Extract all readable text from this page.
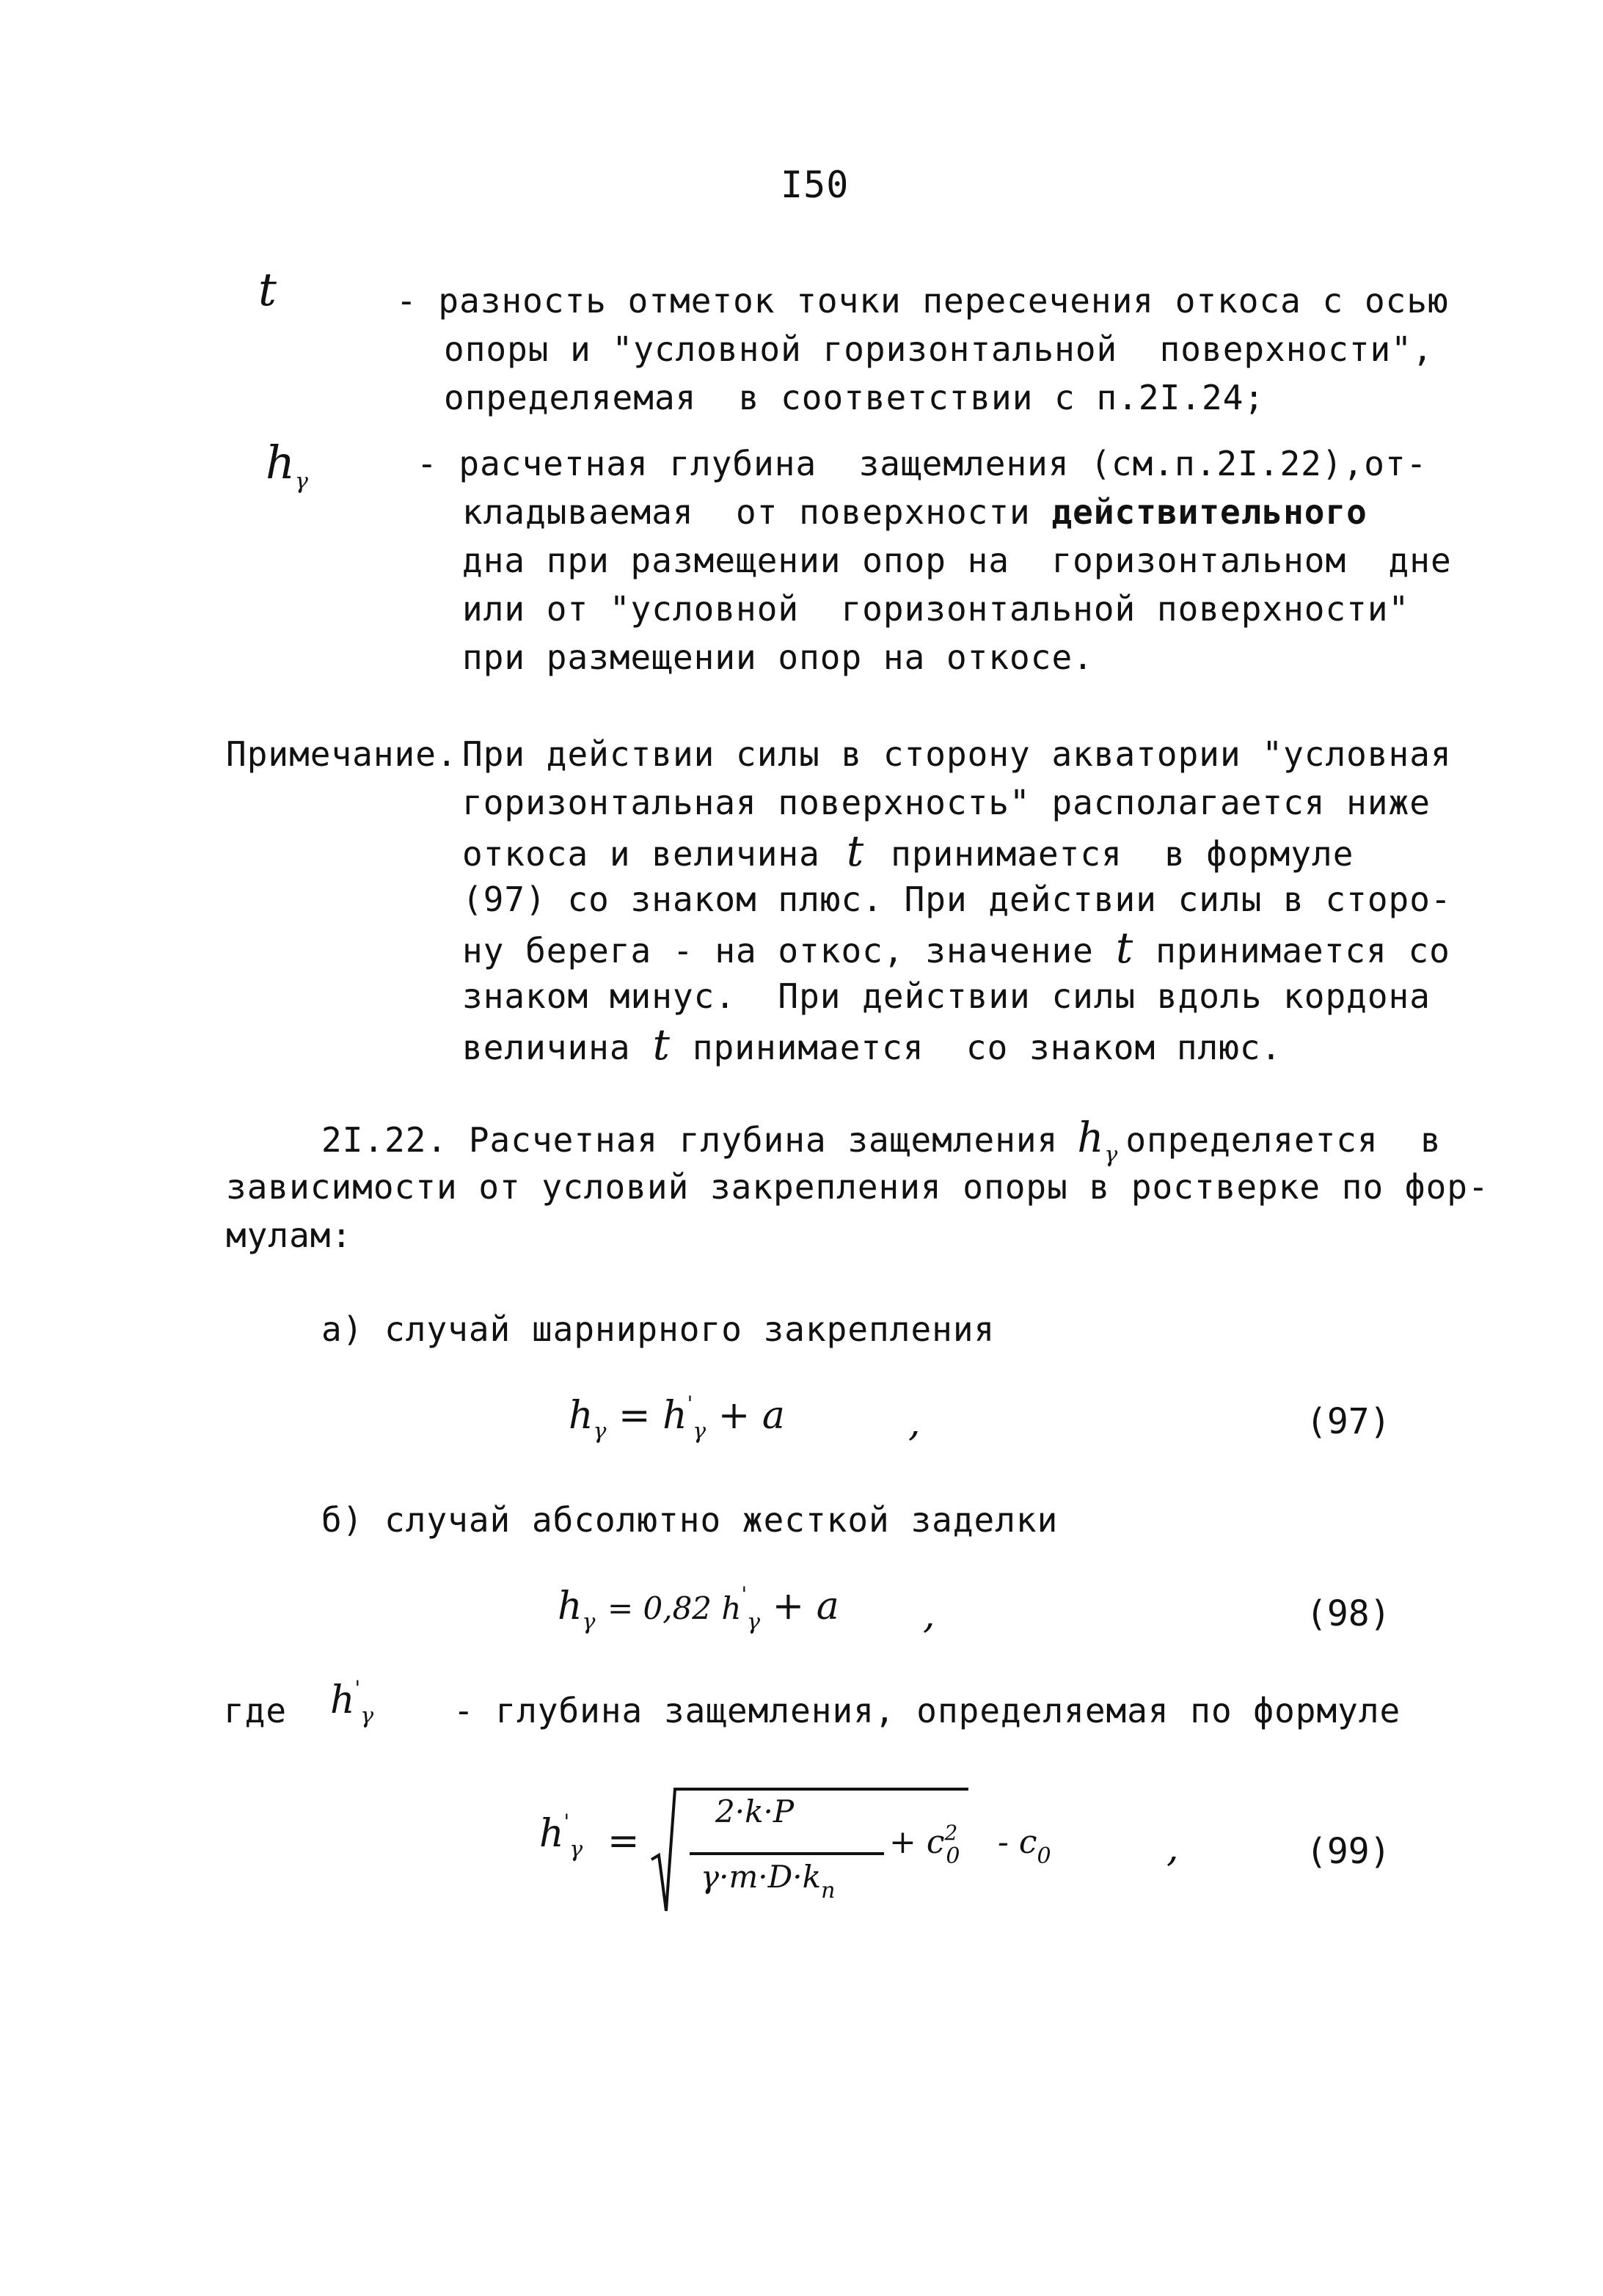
I50
t	- разность отметок точки пересечения откоса с осью
опоры и "условной горизонтальной  поверхности",
определяемая  в соответствии с п.2I.24;
$h_\gamma$	- расчетная глубина  защемления (см.п.2I.22),от-
кладываемая  от поверхности действительного
дна при размещении опор на  горизонтальном  дне
или от "условной  горизонтальной поверхности"
при размещении опор на откосе.
Примечание. При действии силы в сторону акватории "условная
горизонтальная поверхность" располагается ниже
откоса и величина t принимается  в формуле
(97) со знаком плюс. При действии силы в сторо-
ну берега - на откос, значение t принимается со
знаком минус.  При действии силы вдоль кордона
величина t принимается  со знаком плюс.
2I.22. Расчетная глубина защемления $h_\gamma$ определяется  в
зависимости от условий закрепления опоры в ростверке по фор-
мулам:
а) случай шарнирного закрепления
$h_\gamma = h'_\gamma + a$	,	(97)
б) случай абсолютно жесткой заделки
$h_\gamma = 0,82$ $h'_\gamma + a$ ,	(98)
где $h'_\gamma$ - глубина защемления, определяемая по формуле
$h'_\gamma$ =
2·k·P
$\gamma\cdot m\cdot D\cdot k_n$
+ $c^2_0 - c_0$	,	(99)
